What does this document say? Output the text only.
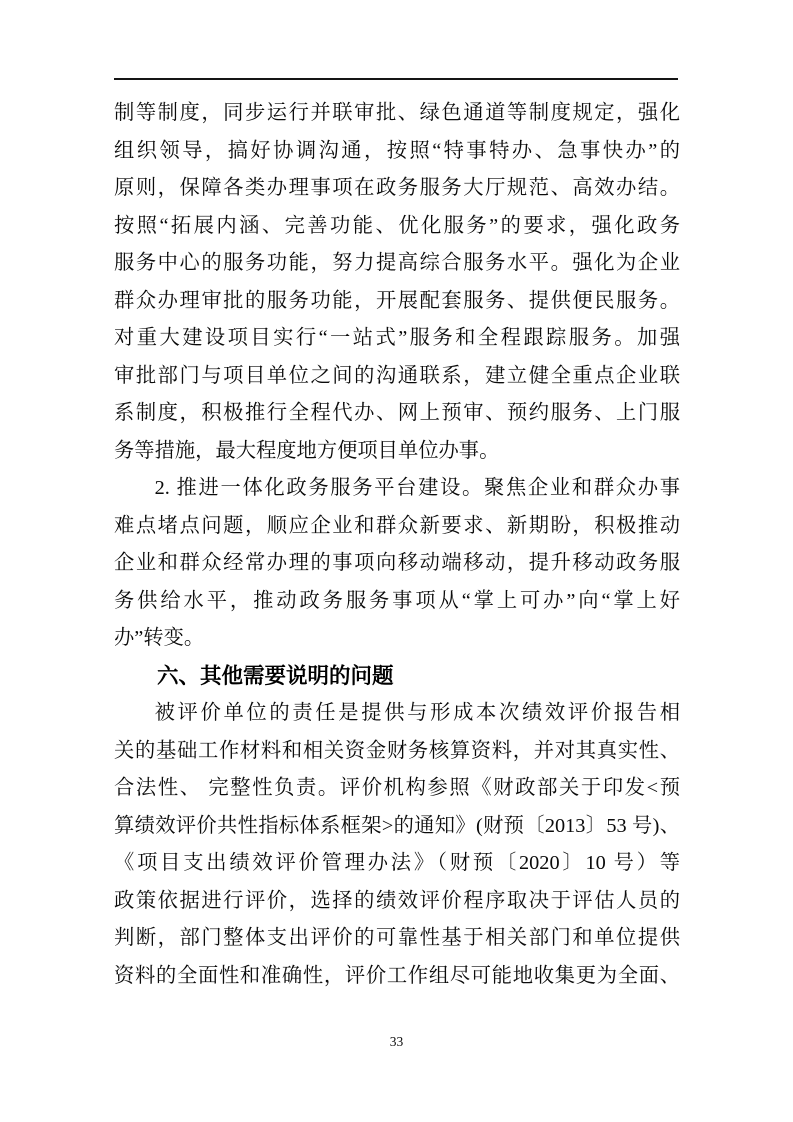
制等制度，同步运行并联审批、绿色通道等制度规定，强化
组织领导，搞好协调沟通，按照“特事特办、急事快办”的
原则，保障各类办理事项在政务服务大厅规范、高效办结。
按照“拓展内涵、完善功能、优化服务”的要求，强化政务
服务中心的服务功能，努力提高综合服务水平。强化为企业
群众办理审批的服务功能，开展配套服务、提供便民服务。
对重大建设项目实行“一站式”服务和全程跟踪服务。加强
审批部门与项目单位之间的沟通联系，建立健全重点企业联
系制度，积极推行全程代办、网上预审、预约服务、上门服
务等措施，最大程度地方便项目单位办事。
2. 推进一体化政务服务平台建设。聚焦企业和群众办事
难点堵点问题，顺应企业和群众新要求、新期盼，积极推动
企业和群众经常办理的事项向移动端移动，提升移动政务服
务供给水平，推动政务服务事项从“掌上可办”向“掌上好
办”转变。
六、其他需要说明的问题
被评价单位的责任是提供与形成本次绩效评价报告相
关的基础工作材料和相关资金财务核算资料，并对其真实性、
合法性、 完整性负责。评价机构参照《财政部关于印发<预
算绩效评价共性指标体系框架>的通知》(财预〔2013〕53 号)、
《项目支出绩效评价管理办法》（财预〔2020〕10 号）等
政策依据进行评价，选择的绩效评价程序取决于评估人员的
判断，部门整体支出评价的可靠性基于相关部门和单位提供
资料的全面性和准确性，评价工作组尽可能地收集更为全面、
33
